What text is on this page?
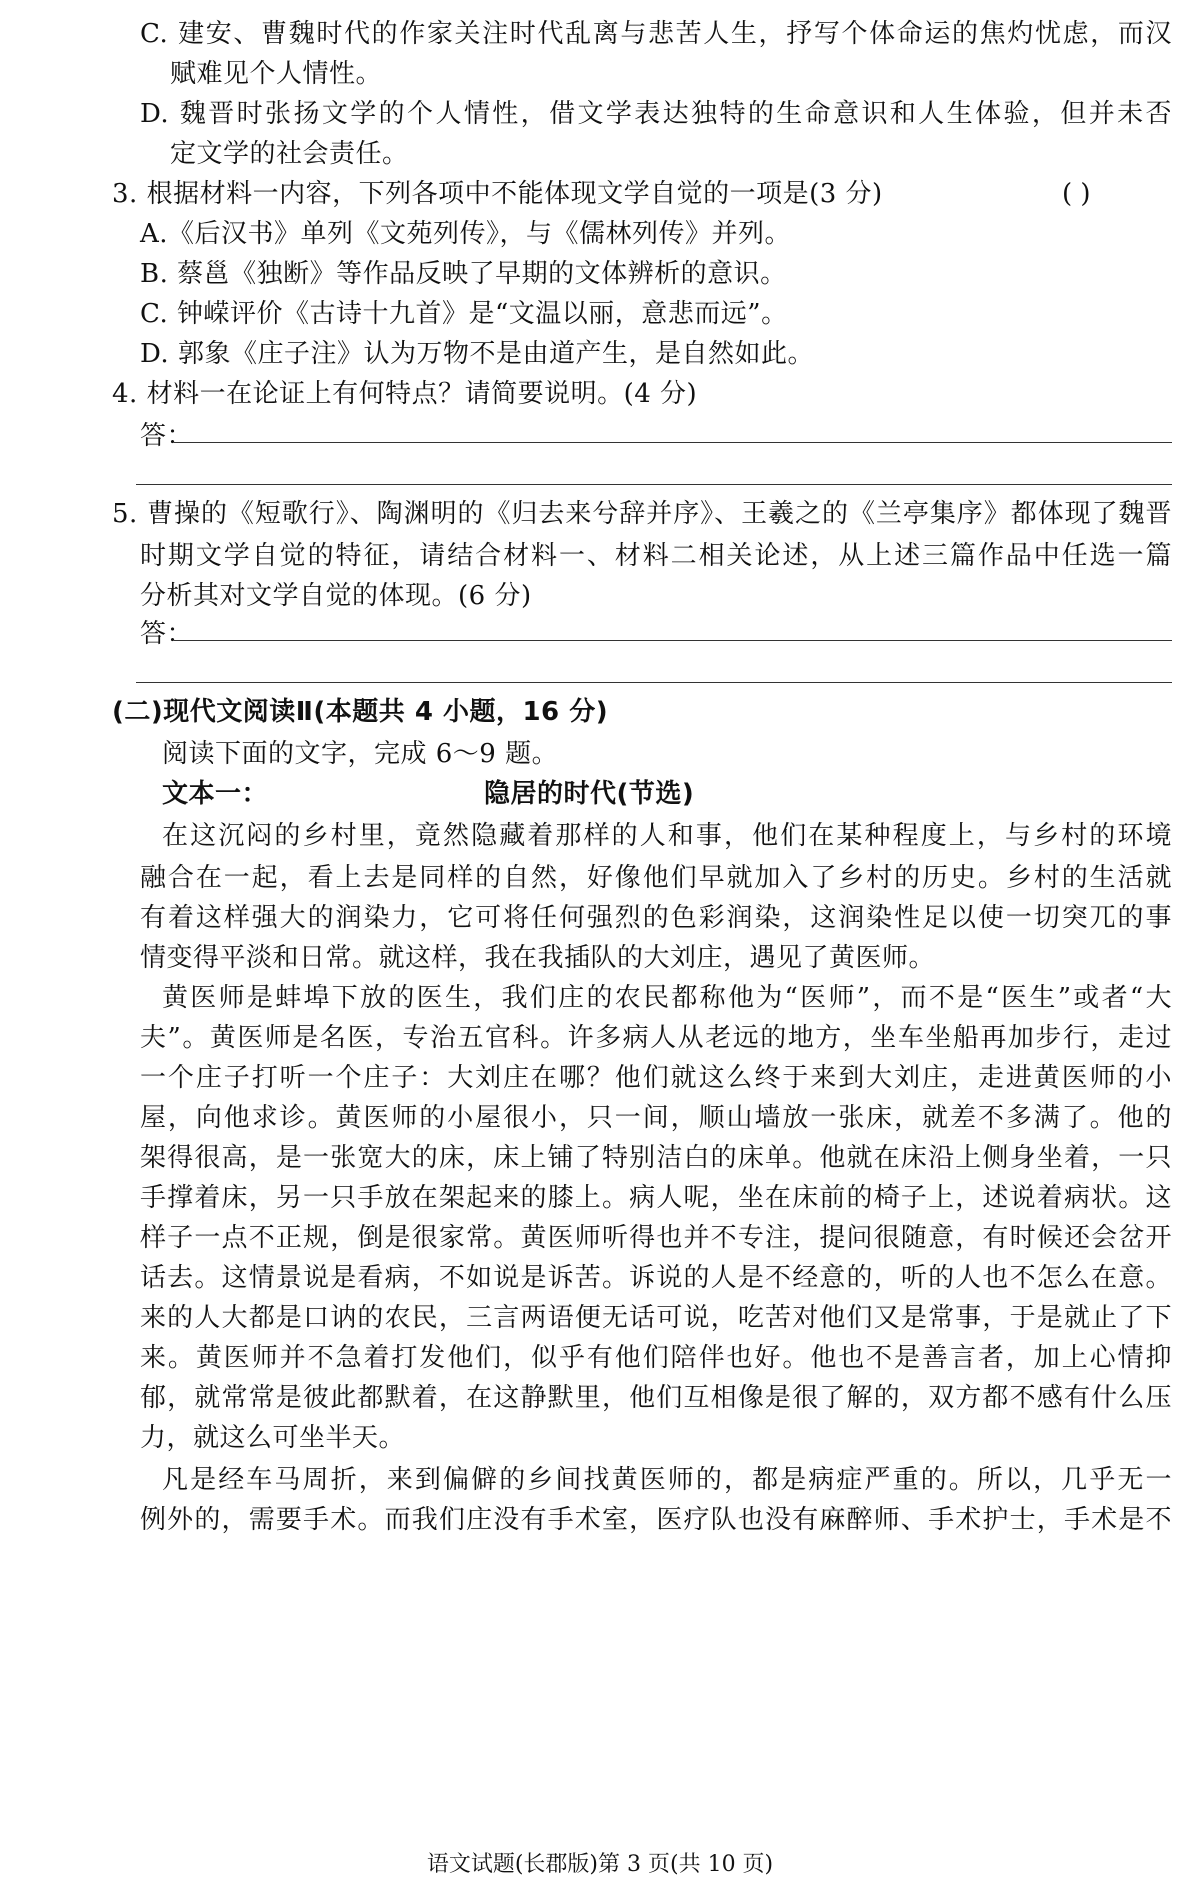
C. 建安、曹魏时代的作家关注时代乱离与悲苦人生，抒写个体命运的焦灼忧虑，而汉
赋难见个人情性。
D. 魏晋时张扬文学的个人情性，借文学表达独特的生命意识和人生体验，但并未否
定文学的社会责任。
3. 根据材料一内容，下列各项中不能体现文学自觉的一项是(3 分)	( )
A.《后汉书》单列《文苑列传》，与《儒林列传》并列。
B. 蔡邕《独断》等作品反映了早期的文体辨析的意识。
C. 钟嵘评价《古诗十九首》是“文温以丽，意悲而远”。
D. 郭象《庄子注》认为万物不是由道产生，是自然如此。
4. 材料一在论证上有何特点？请简要说明。(4 分)
答：
5. 曹操的《短歌行》、陶渊明的《归去来兮辞并序》、王羲之的《兰亭集序》都体现了魏晋
时期文学自觉的特征，请结合材料一、材料二相关论述，从上述三篇作品中任选一篇
分析其对文学自觉的体现。(6 分)
答：
(二)现代文阅读Ⅱ(本题共 4 小题，16 分)
阅读下面的文字，完成 6～9 题。
文本一：	隐居的时代(节选)
在这沉闷的乡村里，竟然隐藏着那样的人和事，他们在某种程度上，与乡村的环境
融合在一起，看上去是同样的自然，好像他们早就加入了乡村的历史。乡村的生活就
有着这样强大的润染力，它可将任何强烈的色彩润染，这润染性足以使一切突兀的事
情变得平淡和日常。就这样，我在我插队的大刘庄，遇见了黄医师。
黄医师是蚌埠下放的医生，我们庄的农民都称他为“医师”，而不是“医生”或者“大
夫”。黄医师是名医，专治五官科。许多病人从老远的地方，坐车坐船再加步行，走过
一个庄子打听一个庄子：大刘庄在哪？他们就这么终于来到大刘庄，走进黄医师的小
屋，向他求诊。黄医师的小屋很小，只一间，顺山墙放一张床，就差不多满了。他的
架得很高，是一张宽大的床，床上铺了特别洁白的床单。他就在床沿上侧身坐着，一只
手撑着床，另一只手放在架起来的膝上。病人呢，坐在床前的椅子上，述说着病状。这
样子一点不正规，倒是很家常。黄医师听得也并不专注，提问很随意，有时候还会岔开
话去。这情景说是看病，不如说是诉苦。诉说的人是不经意的，听的人也不怎么在意。
来的人大都是口讷的农民，三言两语便无话可说，吃苦对他们又是常事，于是就止了下
来。黄医师并不急着打发他们，似乎有他们陪伴也好。他也不是善言者，加上心情抑
郁，就常常是彼此都默着，在这静默里，他们互相像是很了解的，双方都不感有什么压
力，就这么可坐半天。
凡是经车马周折，来到偏僻的乡间找黄医师的，都是病症严重的。所以，几乎无一
例外的，需要手术。而我们庄没有手术室，医疗队也没有麻醉师、手术护士，手术是不
语文试题(长郡版)第 3 页(共 10 页)
